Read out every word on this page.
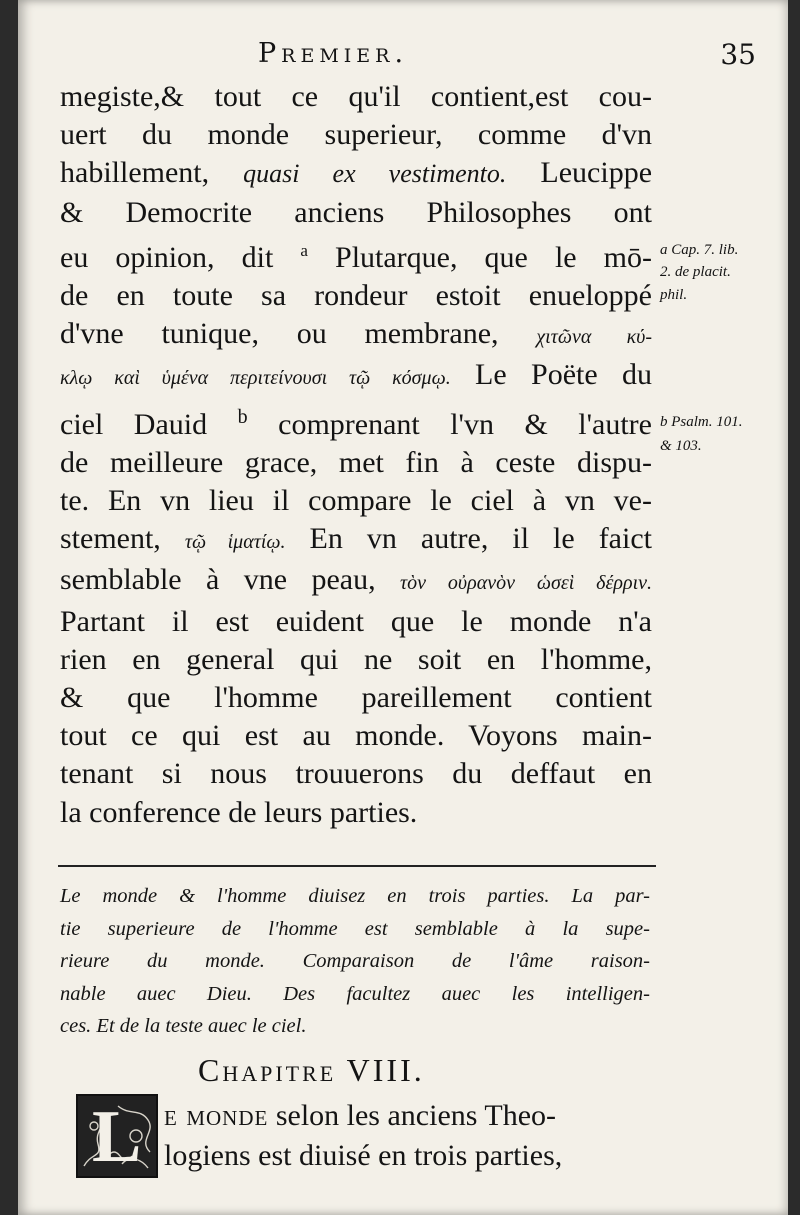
Premier.	35
megiste,& tout ce qu'il contient,est cou-
uert du monde superieur, comme d'vn
habillement, quasi ex vestimento. Leucippe
& Democrite anciens Philosophes ont
eu opinion, dit $^a$ Plutarque, que le mō-
de en toute sa rondeur estoit enueloppé
d'vne tunique, ou membrane, χιτῶνα κύ-
κλῳ καὶ ὑμένα περιτείνουσι τῷ κόσμῳ. Le Poëte du
ciel Dauid $^b$ comprenant l'vn & l'autre
de meilleure grace, met fin à ceste dispu-
te. En vn lieu il compare le ciel à vn ve-
stement, τῷ ἱματίῳ. En vn autre, il le faict
semblable à vne peau, τὸν οὐρανὸν ὡσεὶ δέρριν.
Partant il est euident que le monde n'a
rien en general qui ne soit en l'homme,
& que l'homme pareillement contient
tout ce qui est au monde. Voyons main-
tenant si nous trouuerons du deffaut en
la conference de leurs parties.
a Cap. 7. lib.
2. de placit.
phil.
b Psalm. 101.
& 103.
Le monde & l'homme diuisez en trois parties. La par-
tie superieure de l'homme est semblable à la supe-
rieure du monde. Comparaison de l'âme raison-
nable auec Dieu. Des facultez auec les intelligen-
ces. Et de la teste auec le ciel.
Chapitre VIII.
L e monde selon les anciens Theo-
logiens est diuisé en trois parties,
